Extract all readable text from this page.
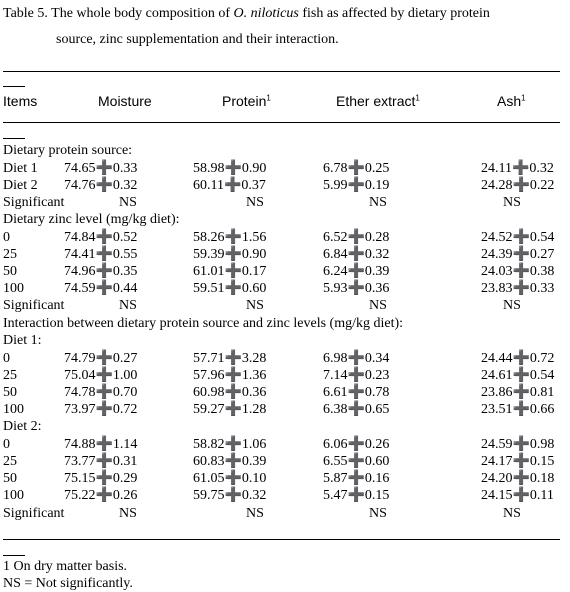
Table 5. The whole body composition of O. niloticus fish as affected by dietary protein
source, zinc supplementation and their interaction.
Items	Moisture	Protein$^1$	Ether extract$^1$	Ash$^1$
Dietary protein source:
Diet 1 74.65➕0.33	58.98➕0.90	6.78➕0.25	24.11➕0.32
Diet 2 74.76➕0.32	60.11➕0.37	5.99➕0.19	24.28➕0.22
Significant	NS	NS	NS	NS
Dietary zinc level (mg/kg diet):
0	74.84➕0.52	58.26➕1.56	6.52➕0.28	24.52➕0.54
25	74.41➕0.55	59.39➕0.90	6.84➕0.32	24.39➕0.27
50	74.96➕0.35	61.01➕0.17	6.24➕0.39	24.03➕0.38
100	74.59➕0.44	59.51➕0.60	5.93➕0.36	23.83➕0.33
Significant	NS	NS	NS	NS
Interaction between dietary protein source and zinc levels (mg/kg diet):
Diet 1:
0	74.79➕0.27	57.71➕3.28	6.98➕0.34	24.44➕0.72
25	75.04➕1.00	57.96➕1.36	7.14➕0.23	24.61➕0.54
50	74.78➕0.70	60.98➕0.36	6.61➕0.78	23.86➕0.81
100	73.97➕0.72	59.27➕1.28	6.38➕0.65	23.51➕0.66
Diet 2:
0	74.88➕1.14	58.82➕1.06	6.06➕0.26	24.59➕0.98
25	73.77➕0.31	60.83➕0.39	6.55➕0.60	24.17➕0.15
50	75.15➕0.29	61.05➕0.10	5.87➕0.16	24.20➕0.18
100	75.22➕0.26	59.75➕0.32	5.47➕0.15	24.15➕0.11
Significant	NS	NS	NS	NS
1 On dry matter basis.
NS = Not significantly.
